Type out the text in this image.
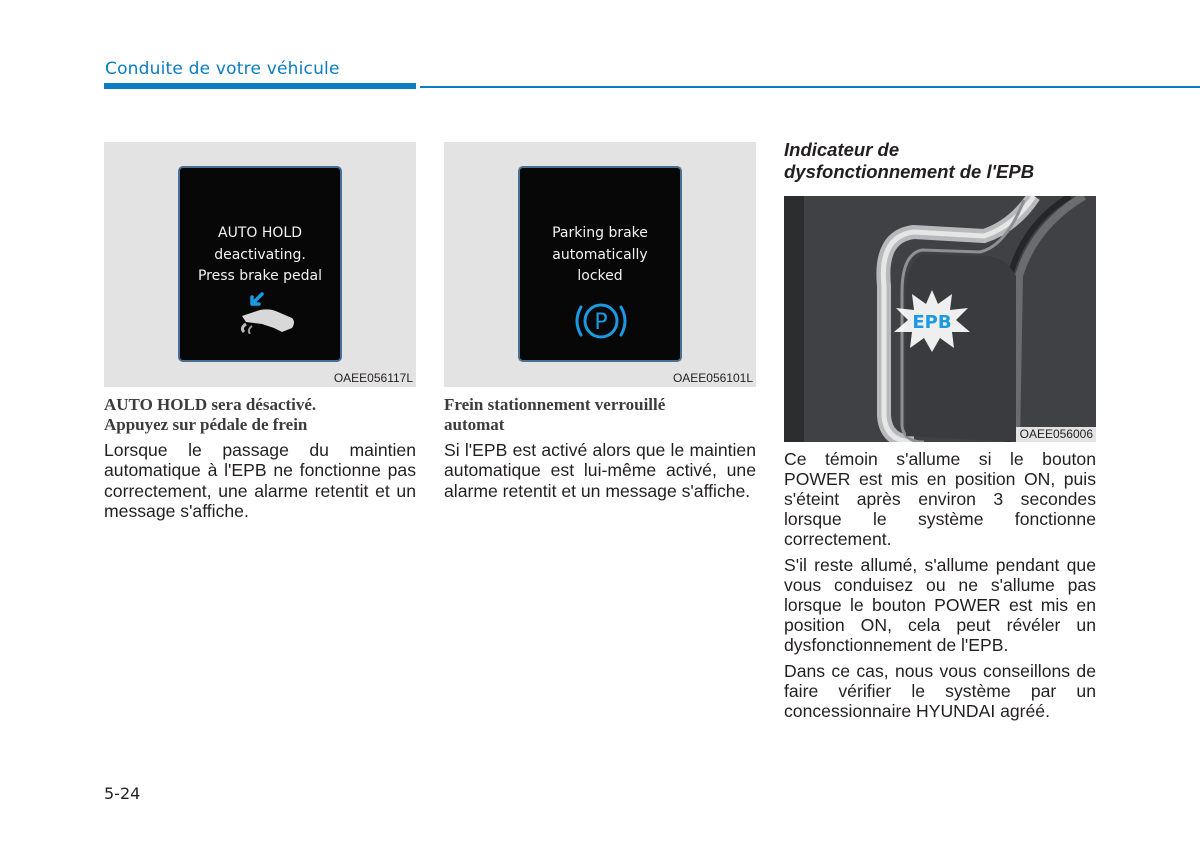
Conduite de votre véhicule
AUTO HOLD
deactivating.
Press brake pedal
OAEE056117L
Parking brake
automatically
locked
P
OAEE056101L
AUTO HOLD sera désactivé.
Appuyez sur pédale de frein

Lorsque le passage du maintien automatique à l'EPB ne fonctionne pas correctement, une alarme retentit et un message s'affiche.

Frein stationnement verrouillé
automat

Si l'EPB est activé alors que le maintien automatique est lui-même activé, une alarme retentit et un message s'affiche.

Indicateur de
dysfonctionnement de l'EPB
EPB
OAEE056006

Ce témoin s'allume si le bouton POWER est mis en position ON, puis s'éteint après environ 3 secondes lorsque le système fonctionne correctement.

S'il reste allumé, s'allume pendant que vous conduisez ou ne s'allume pas lorsque le bouton POWER est mis en position ON, cela peut révéler un dysfonctionnement de l'EPB.

Dans ce cas, nous vous conseillons de faire vérifier le système par un concessionnaire HYUNDAI agréé.

5-24
